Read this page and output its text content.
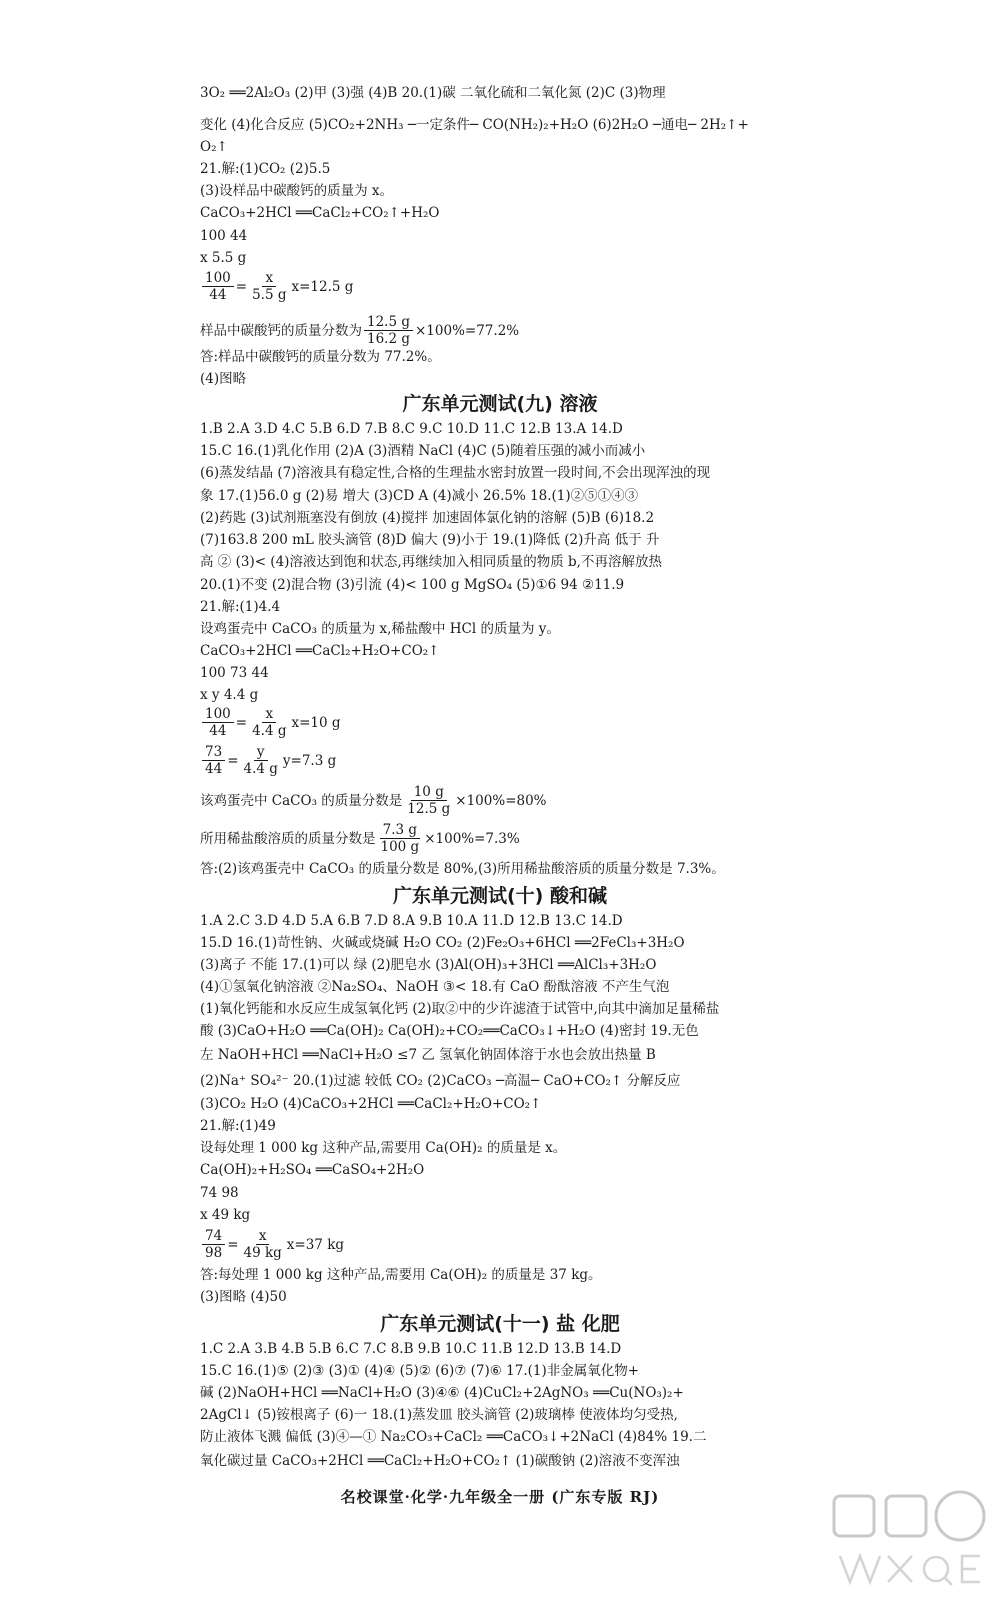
3O₂ ══2Al₂O₃ (2)甲 (3)强 (4)B 20.(1)碳 二氧化硫和二氧化氮 (2)C (3)物理
变化 (4)化合反应 (5)CO₂+2NH₃ ─一定条件─ CO(NH₂)₂+H₂O (6)2H₂O ─通电─ 2H₂↑+
O₂↑
21.解:(1)CO₂ (2)5.5
(3)设样品中碳酸钙的质量为 x。
CaCO₃+2HCl ══CaCl₂+CO₂↑+H₂O
100 44
x 5.5 g
$\frac{100}{44} = \frac{x}{5.5 g} x=12.5$ g
样品中碳酸钙的质量分数为 $\frac{12.5 g}{16.2 g} \times 100\%=77.2\%$
答:样品中碳酸钙的质量分数为 77.2%。
(4)图略
广东单元测试(九) 溶液
1.B 2.A 3.D 4.C 5.B 6.D 7.B 8.C 9.C 10.D 11.C 12.B 13.A 14.D
15.C 16.(1)乳化作用 (2)A (3)酒精 NaCl (4)C (5)随着压强的减小而减小
(6)蒸发结晶 (7)溶液具有稳定性,合格的生理盐水密封放置一段时间,不会出现浑浊的现
象 17.(1)56.0 g (2)易 增大 (3)CD A (4)减小 26.5% 18.(1)②⑤①④③
(2)药匙 (3)试剂瓶塞没有倒放 (4)搅拌 加速固体氯化钠的溶解 (5)B (6)18.2
(7)163.8 200 mL 胶头滴管 (8)D 偏大 (9)小于 19.(1)降低 (2)升高 低于 升
高 ② (3)< (4)溶液达到饱和状态,再继续加入相同质量的物质 b,不再溶解放热
20.(1)不变 (2)混合物 (3)引流 (4)< 100 g MgSO₄ (5)①6 94 ②11.9
21.解:(1)4.4
设鸡蛋壳中 CaCO₃ 的质量为 x,稀盐酸中 HCl 的质量为 y。
CaCO₃+2HCl ══CaCl₂+H₂O+CO₂↑
100 73 44
x y 4.4 g
$\frac{100}{44} = \frac{x}{4.4 g} x=10$ g
$\frac{73}{44} = \frac{y}{4.4 g} y=7.3$ g
该鸡蛋壳中 CaCO₃ 的质量分数是 $\frac{10 g}{12.5 g} \times 100\%=80\%$
所用稀盐酸溶质的质量分数是 $\frac{7.3 g}{100 g} \times 100\%=7.3\%$
答:(2)该鸡蛋壳中 CaCO₃ 的质量分数是 80%,(3)所用稀盐酸溶质的质量分数是 7.3%。
广东单元测试(十) 酸和碱
1.A 2.C 3.D 4.D 5.A 6.B 7.D 8.A 9.B 10.A 11.D 12.B 13.C 14.D
15.D 16.(1)苛性钠、火碱或烧碱 H₂O CO₂ (2)Fe₂O₃+6HCl ══2FeCl₃+3H₂O
(3)离子 不能 17.(1)可以 绿 (2)肥皂水 (3)Al(OH)₃+3HCl ══AlCl₃+3H₂O
(4)①氢氧化钠溶液 ②Na₂SO₄、NaOH ③< 18.有 CaO 酚酞溶液 不产生气泡
(1)氧化钙能和水反应生成氢氧化钙 (2)取②中的少许滤渣于试管中,向其中滴加足量稀盐
酸 (3)CaO+H₂O ══Ca(OH)₂ Ca(OH)₂+CO₂══CaCO₃↓+H₂O (4)密封 19.无色
左 NaOH+HCl ══NaCl+H₂O ≤7 乙 氢氧化钠固体溶于水也会放出热量 B
(2)Na⁺ SO₄²⁻ 20.(1)过滤 较低 CO₂ (2)CaCO₃ ─高温─ CaO+CO₂↑ 分解反应
(3)CO₂ H₂O (4)CaCO₃+2HCl ══CaCl₂+H₂O+CO₂↑
21.解:(1)49
设每处理 1 000 kg 这种产品,需要用 Ca(OH)₂ 的质量是 x。
Ca(OH)₂+H₂SO₄ ══CaSO₄+2H₂O
74 98
x 49 kg
$\frac{74}{98} = \frac{x}{49 kg} x=37$ kg
答:每处理 1 000 kg 这种产品,需要用 Ca(OH)₂ 的质量是 37 kg。
(3)图略 (4)50
广东单元测试(十一) 盐 化肥
1.C 2.A 3.B 4.B 5.B 6.C 7.C 8.B 9.B 10.C 11.B 12.D 13.B 14.D
15.C 16.(1)⑤ (2)③ (3)① (4)④ (5)② (6)⑦ (7)⑥ 17.(1)非金属氧化物+
碱 (2)NaOH+HCl ══NaCl+H₂O (3)④⑥ (4)CuCl₂+2AgNO₃ ══Cu(NO₃)₂+
2AgCl↓ (5)铵根离子 (6)一 18.(1)蒸发皿 胶头滴管 (2)玻璃棒 使液体均匀受热,
防止液体飞溅 偏低 (3)④—① Na₂CO₃+CaCl₂ ══CaCO₃↓+2NaCl (4)84% 19.二
氧化碳过量 CaCO₃+2HCl ══CaCl₂+H₂O+CO₂↑ (1)碳酸钠 (2)溶液不变浑浊
名校课堂·化学·九年级全一册 (广东专版 RJ)
